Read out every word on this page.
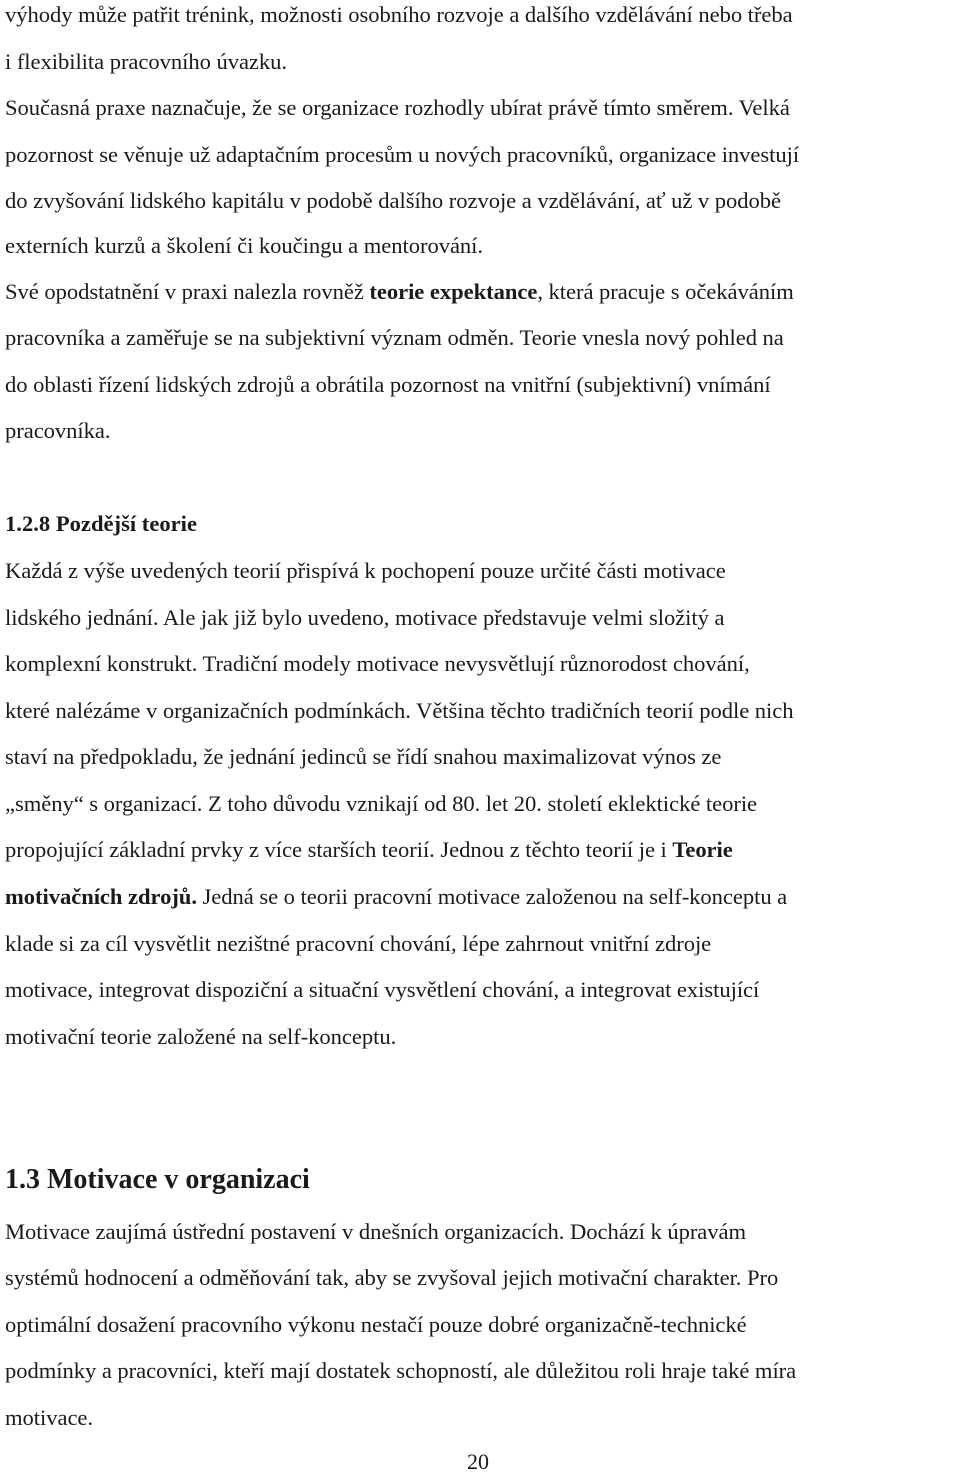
výhody může patřit trénink, možnosti osobního rozvoje a dalšího vzdělávání nebo třeba
i flexibilita pracovního úvazku.
Současná praxe naznačuje, že se organizace rozhodly ubírat právě tímto směrem. Velká
pozornost se věnuje už adaptačním procesům u nových pracovníků, organizace investují
do zvyšování lidského kapitálu v podobě dalšího rozvoje a vzdělávání, ať už v podobě
externích kurzů a školení či koučingu a mentorování.
Své opodstatnění v praxi nalezla rovněž teorie expektance, která pracuje s očekáváním
pracovníka a zaměřuje se na subjektivní význam odměn. Teorie vnesla nový pohled na
do oblasti řízení lidských zdrojů a obrátila pozornost na vnitřní (subjektivní) vnímání
pracovníka.
1.2.8 Pozdější teorie
Každá z výše uvedených teorií přispívá k pochopení pouze určité části motivace
lidského jednání. Ale jak již bylo uvedeno, motivace představuje velmi složitý a
komplexní konstrukt. Tradiční modely motivace nevysvětlují různorodost chování,
které nalézáme v organizačních podmínkách. Většina těchto tradičních teorií podle nich
staví na předpokladu, že jednání jedinců se řídí snahou maximalizovat výnos ze
„směny“ s organizací. Z toho důvodu vznikají od 80. let 20. století eklektické teorie
propojující základní prvky z více starších teorií. Jednou z těchto teorií je i Teorie
motivačních zdrojů. Jedná se o teorii pracovní motivace založenou na self-konceptu a
klade si za cíl vysvětlit nezištné pracovní chování, lépe zahrnout vnitřní zdroje
motivace, integrovat dispoziční a situační vysvětlení chování, a integrovat existující
motivační teorie založené na self-konceptu.
1.3 Motivace v organizaci
Motivace zaujímá ústřední postavení v dnešních organizacích. Dochází k úpravám
systémů hodnocení a odměňování tak, aby se zvyšoval jejich motivační charakter. Pro
optimální dosažení pracovního výkonu nestačí pouze dobré organizačně-technické
podmínky a pracovníci, kteří mají dostatek schopností, ale důležitou roli hraje také míra
motivace.
20
